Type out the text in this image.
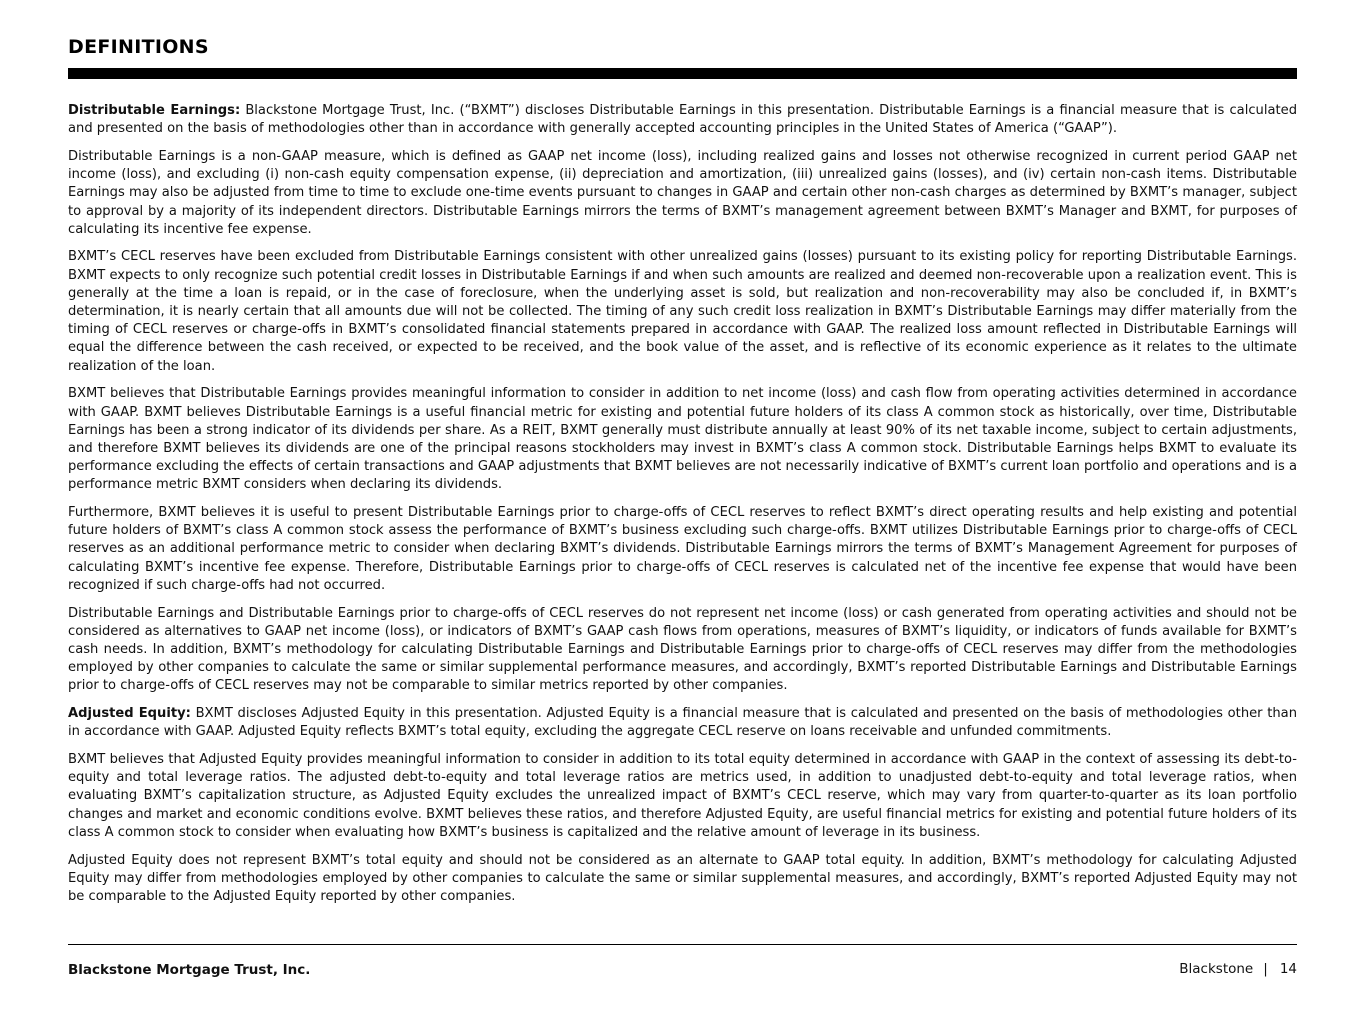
DEFINITIONS

Distributable Earnings: Blackstone Mortgage Trust, Inc. (“BXMT”) discloses Distributable Earnings in this presentation. Distributable Earnings is a financial measure that is calculated and presented on the basis of methodologies other than in accordance with generally accepted accounting principles in the United States of America (“GAAP”).

Distributable Earnings is a non-GAAP measure, which is defined as GAAP net income (loss), including realized gains and losses not otherwise recognized in current period GAAP net income (loss), and excluding (i) non-cash equity compensation expense, (ii) depreciation and amortization, (iii) unrealized gains (losses), and (iv) certain non-cash items. Distributable Earnings may also be adjusted from time to time to exclude one-time events pursuant to changes in GAAP and certain other non-cash charges as determined by BXMT’s manager, subject to approval by a majority of its independent directors. Distributable Earnings mirrors the terms of BXMT’s management agreement between BXMT’s Manager and BXMT, for purposes of calculating its incentive fee expense.

BXMT’s CECL reserves have been excluded from Distributable Earnings consistent with other unrealized gains (losses) pursuant to its existing policy for reporting Distributable Earnings. BXMT expects to only recognize such potential credit losses in Distributable Earnings if and when such amounts are realized and deemed non-recoverable upon a realization event. This is generally at the time a loan is repaid, or in the case of foreclosure, when the underlying asset is sold, but realization and non-recoverability may also be concluded if, in BXMT’s determination, it is nearly certain that all amounts due will not be collected. The timing of any such credit loss realization in BXMT’s Distributable Earnings may differ materially from the timing of CECL reserves or charge-offs in BXMT’s consolidated financial statements prepared in accordance with GAAP. The realized loss amount reflected in Distributable Earnings will equal the difference between the cash received, or expected to be received, and the book value of the asset, and is reflective of its economic experience as it relates to the ultimate realization of the loan.

BXMT believes that Distributable Earnings provides meaningful information to consider in addition to net income (loss) and cash flow from operating activities determined in accordance with GAAP. BXMT believes Distributable Earnings is a useful financial metric for existing and potential future holders of its class A common stock as historically, over time, Distributable Earnings has been a strong indicator of its dividends per share. As a REIT, BXMT generally must distribute annually at least 90% of its net taxable income, subject to certain adjustments, and therefore BXMT believes its dividends are one of the principal reasons stockholders may invest in BXMT’s class A common stock. Distributable Earnings helps BXMT to evaluate its performance excluding the effects of certain transactions and GAAP adjustments that BXMT believes are not necessarily indicative of BXMT’s current loan portfolio and operations and is a performance metric BXMT considers when declaring its dividends.

Furthermore, BXMT believes it is useful to present Distributable Earnings prior to charge-offs of CECL reserves to reflect BXMT’s direct operating results and help existing and potential future holders of BXMT’s class A common stock assess the performance of BXMT’s business excluding such charge-offs. BXMT utilizes Distributable Earnings prior to charge-offs of CECL reserves as an additional performance metric to consider when declaring BXMT’s dividends. Distributable Earnings mirrors the terms of BXMT’s Management Agreement for purposes of calculating BXMT’s incentive fee expense. Therefore, Distributable Earnings prior to charge-offs of CECL reserves is calculated net of the incentive fee expense that would have been recognized if such charge-offs had not occurred.

Distributable Earnings and Distributable Earnings prior to charge-offs of CECL reserves do not represent net income (loss) or cash generated from operating activities and should not be considered as alternatives to GAAP net income (loss), or indicators of BXMT’s GAAP cash flows from operations, measures of BXMT’s liquidity, or indicators of funds available for BXMT’s cash needs. In addition, BXMT’s methodology for calculating Distributable Earnings and Distributable Earnings prior to charge-offs of CECL reserves may differ from the methodologies employed by other companies to calculate the same or similar supplemental performance measures, and accordingly, BXMT’s reported Distributable Earnings and Distributable Earnings prior to charge-offs of CECL reserves may not be comparable to similar metrics reported by other companies.

Adjusted Equity: BXMT discloses Adjusted Equity in this presentation. Adjusted Equity is a financial measure that is calculated and presented on the basis of methodologies other than in accordance with GAAP. Adjusted Equity reflects BXMT’s total equity, excluding the aggregate CECL reserve on loans receivable and unfunded commitments.

BXMT believes that Adjusted Equity provides meaningful information to consider in addition to its total equity determined in accordance with GAAP in the context of assessing its debt-to-equity and total leverage ratios. The adjusted debt-to-equity and total leverage ratios are metrics used, in addition to unadjusted debt-to-equity and total leverage ratios, when evaluating BXMT’s capitalization structure, as Adjusted Equity excludes the unrealized impact of BXMT’s CECL reserve, which may vary from quarter-to-quarter as its loan portfolio changes and market and economic conditions evolve. BXMT believes these ratios, and therefore Adjusted Equity, are useful financial metrics for existing and potential future holders of its class A common stock to consider when evaluating how BXMT’s business is capitalized and the relative amount of leverage in its business.

Adjusted Equity does not represent BXMT’s total equity and should not be considered as an alternate to GAAP total equity. In addition, BXMT’s methodology for calculating Adjusted Equity may differ from methodologies employed by other companies to calculate the same or similar supplemental measures, and accordingly, BXMT’s reported Adjusted Equity may not be comparable to the Adjusted Equity reported by other companies.

Blackstone Mortgage Trust, Inc.	Blackstone | 14
